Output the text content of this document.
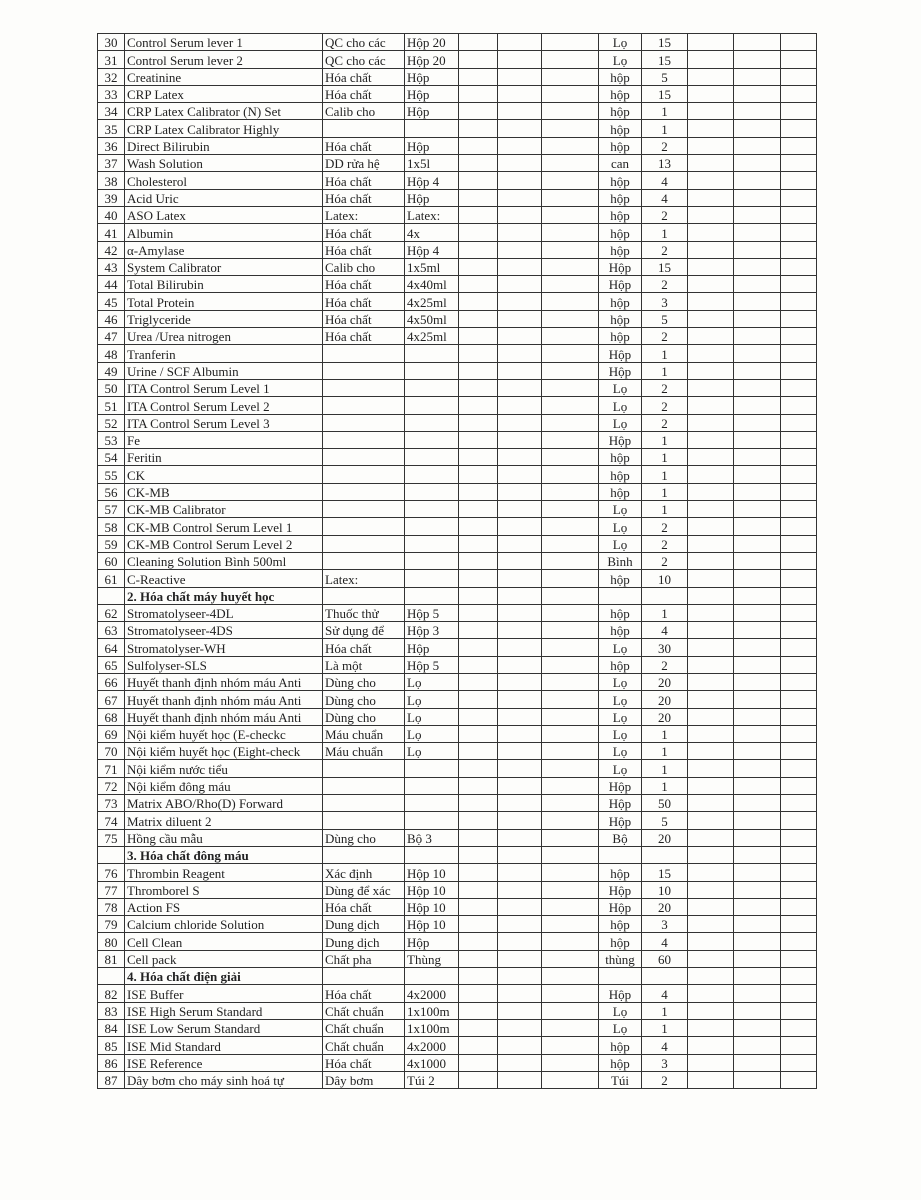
30	Control Serum lever 1	QC cho các	Hộp 20				Lọ	15			
31	Control Serum lever 2	QC cho các	Hộp 20				Lọ	15			
32	Creatinine	Hóa chất	Hộp				hộp	5			
33	CRP Latex	Hóa chất	Hộp				hộp	15			
34	CRP Latex Calibrator (N) Set	Calib cho	Hộp				hộp	1			
35	CRP Latex Calibrator Highly						hộp	1			
36	Direct Bilirubin	Hóa chất	Hộp				hộp	2			
37	Wash Solution	DD rửa hệ	1x5l				can	13			
38	Cholesterol	Hóa chất	Hộp 4				hộp	4			
39	Acid Uric	Hóa chất	Hộp				hộp	4			
40	ASO Latex	Latex:	Latex:				hộp	2			
41	Albumin	Hóa chất	4x				hộp	1			
42	α-Amylase	Hóa chất	Hộp 4				hộp	2			
43	System Calibrator	Calib cho	1x5ml				Hộp	15			
44	Total Bilirubin	Hóa chất	4x40ml				Hộp	2			
45	Total Protein	Hóa chất	4x25ml				hộp	3			
46	Triglyceride	Hóa chất	4x50ml				hộp	5			
47	Urea /Urea nitrogen	Hóa chất	4x25ml				hộp	2			
48	Tranferin						Hộp	1			
49	Urine / SCF Albumin						Hộp	1			
50	ITA Control Serum Level 1						Lọ	2			
51	ITA Control Serum Level 2						Lọ	2			
52	ITA Control Serum Level 3						Lọ	2			
53	Fe						Hộp	1			
54	Feritin						hộp	1			
55	CK						hộp	1			
56	CK-MB						hộp	1			
57	CK-MB Calibrator						Lọ	1			
58	CK-MB Control Serum Level 1						Lọ	2			
59	CK-MB Control Serum Level 2						Lọ	2			
60	Cleaning Solution Bình 500ml						Bình	2			
61	C-Reactive	Latex:					hộp	10			
	2. Hóa chất máy huyết học										
62	Stromatolyseer-4DL	Thuốc thử	Hộp 5				hộp	1			
63	Stromatolyseer-4DS	Sử dụng để	Hộp 3				hộp	4			
64	Stromatolyser-WH	Hóa chất	Hộp				Lọ	30			
65	Sulfolyser-SLS	Là một	Hộp 5				hộp	2			
66	Huyết thanh định nhóm máu Anti	Dùng cho	Lọ				Lọ	20			
67	Huyết thanh định nhóm máu Anti	Dùng cho	Lọ				Lọ	20			
68	Huyết thanh định nhóm máu Anti	Dùng cho	Lọ				Lọ	20			
69	Nội kiểm huyết học (E-checkc	Máu chuẩn	Lọ				Lọ	1			
70	Nội kiểm huyết học (Eight-check	Máu chuẩn	Lọ				Lọ	1			
71	Nội kiểm nước tiểu						Lọ	1			
72	Nội kiểm đông máu						Hộp	1			
73	Matrix ABO/Rho(D) Forward						Hộp	50			
74	Matrix diluent 2						Hộp	5			
75	Hồng cầu mẫu	Dùng cho	Bộ 3				Bộ	20			
	3. Hóa chất đông máu										
76	Thrombin Reagent	Xác định	Hộp 10				hộp	15			
77	Thromborel S	Dùng để xác	Hộp 10				Hộp	10			
78	Action FS	Hóa chất	Hộp 10				Hộp	20			
79	Calcium chloride Solution	Dung dịch	Hộp 10				hộp	3			
80	Cell Clean	Dung dịch	Hộp				hộp	4			
81	Cell pack	Chất pha	Thùng				thùng	60			
	4. Hóa chất điện giải										
82	ISE Buffer	Hóa chất	4x2000				Hộp	4			
83	ISE High Serum Standard	Chất chuẩn	1x100m				Lọ	1			
84	ISE Low Serum Standard	Chất chuẩn	1x100m				Lọ	1			
85	ISE Mid Standard	Chất chuẩn	4x2000				hộp	4			
86	ISE Reference	Hóa chất	4x1000				hộp	3			
87	Dây bơm cho máy sinh hoá tự	Dây bơm	Túi 2				Túi	2			
